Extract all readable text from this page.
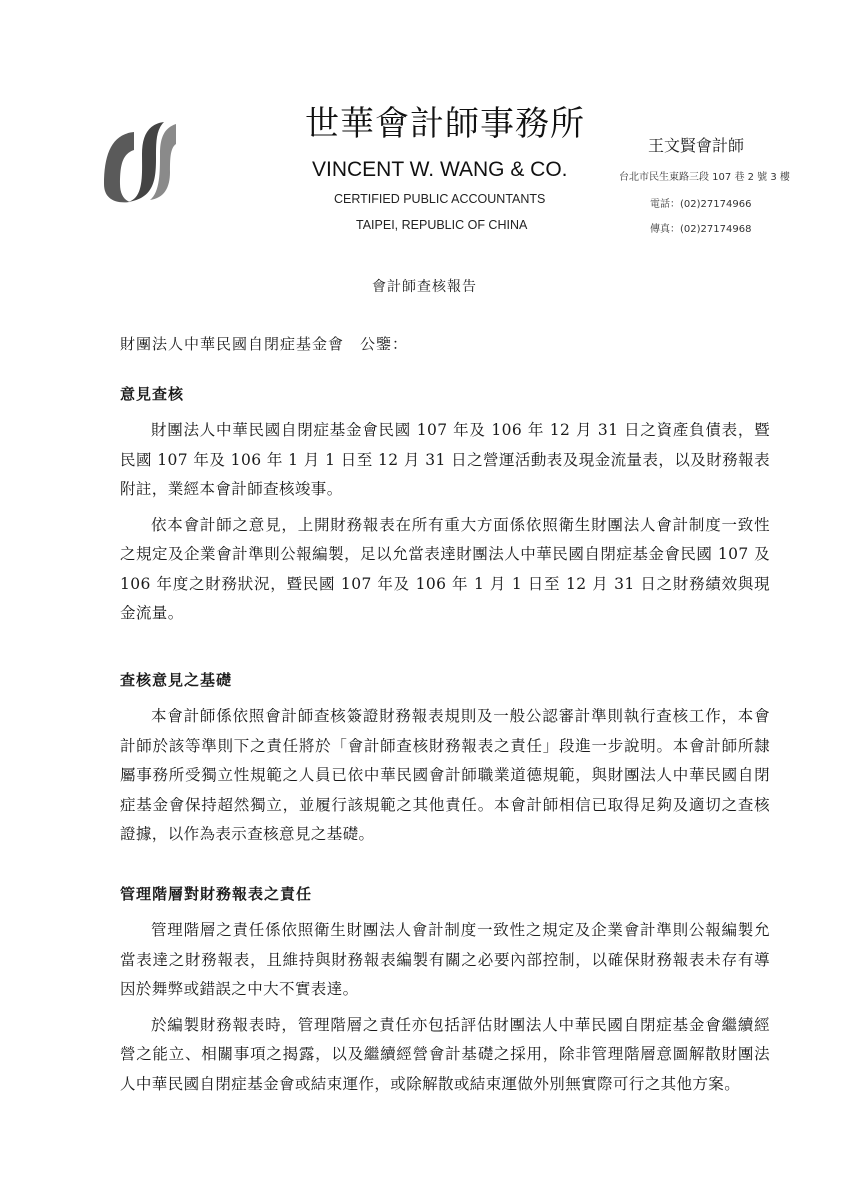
世華會計師事務所
VINCENT W. WANG & CO.
CERTIFIED PUBLIC ACCOUNTANTS
TAIPEI, REPUBLIC OF CHINA
王文賢會計師
台北市民生東路三段 107 巷 2 號 3 樓
電話：(02)27174966
傳真：(02)27174968
會計師查核報告
財團法人中華民國自閉症基金會　公鑒：
意見查核

財團法人中華民國自閉症基金會民國 107 年及 106 年 12 月 31 日之資產負債表，暨民國 107 年及 106 年 1 月 1 日至 12 月 31 日之營運活動表及現金流量表，以及財務報表附註，業經本會計師查核竣事。

依本會計師之意見，上開財務報表在所有重大方面係依照衛生財團法人會計制度一致性之規定及企業會計準則公報編製，足以允當表達財團法人中華民國自閉症基金會民國 107 及 106 年度之財務狀況，暨民國 107 年及 106 年 1 月 1 日至 12 月 31 日之財務績效與現金流量。

查核意見之基礎

本會計師係依照會計師查核簽證財務報表規則及一般公認審計準則執行查核工作，本會計師於該等準則下之責任將於「會計師查核財務報表之責任」段進一步說明。本會計師所隸屬事務所受獨立性規範之人員已依中華民國會計師職業道德規範，與財團法人中華民國自閉症基金會保持超然獨立，並履行該規範之其他責任。本會計師相信已取得足夠及適切之查核證據，以作為表示查核意見之基礎。

管理階層對財務報表之責任

管理階層之責任係依照衛生財團法人會計制度一致性之規定及企業會計準則公報編製允當表達之財務報表，且維持與財務報表編製有關之必要內部控制，以確保財務報表未存有導因於舞弊或錯誤之中大不實表達。

於編製財務報表時，管理階層之責任亦包括評估財團法人中華民國自閉症基金會繼續經營之能立、相關事項之揭露，以及繼續經營會計基礎之採用，除非管理階層意圖解散財團法人中華民國自閉症基金會或結束運作，或除解散或結束運做外別無實際可行之其他方案。
